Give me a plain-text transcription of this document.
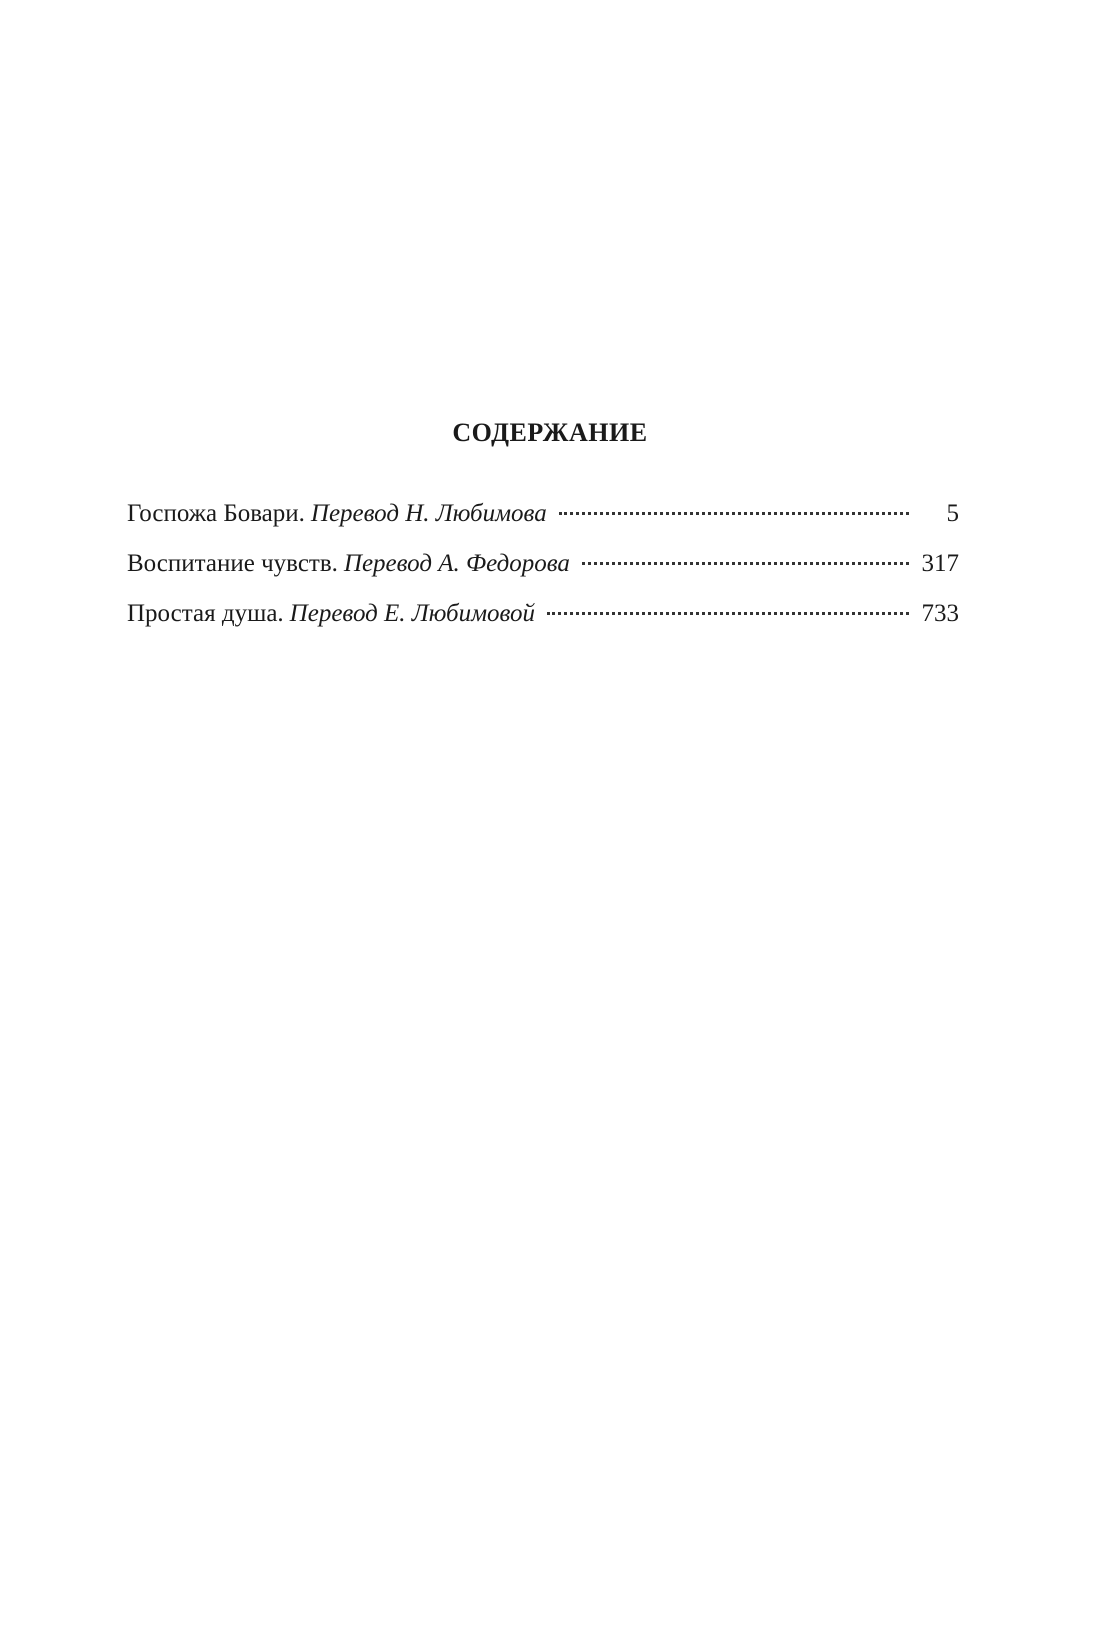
СОДЕРЖАНИЕ
Госпожа Бовари. Перевод Н. Любимова	5
Воспитание чувств. Перевод А. Федорова	317
Простая душа. Перевод Е. Любимовой	733
